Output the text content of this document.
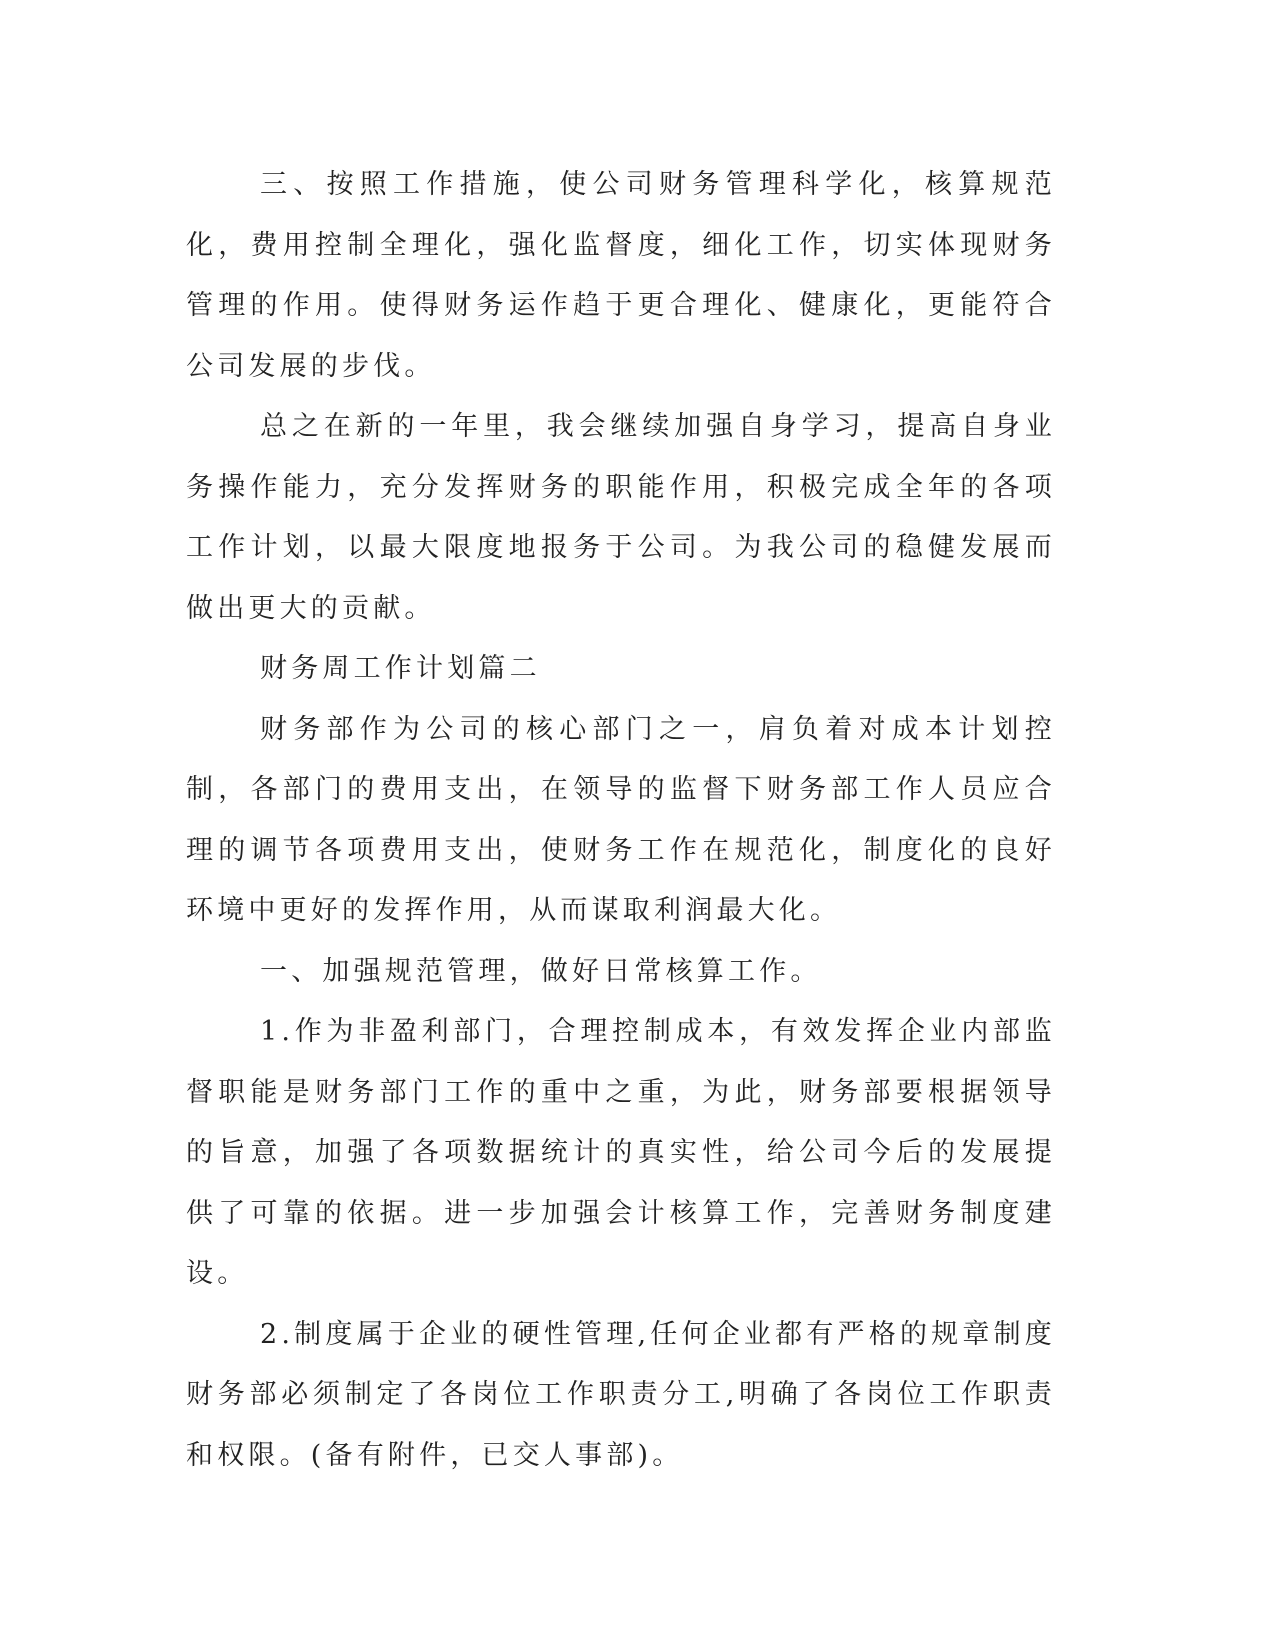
三、按照工作措施，使公司财务管理科学化，核算规范化，费用控制全理化，强化监督度，细化工作，切实体现财务管理的作用。使得财务运作趋于更合理化、健康化，更能符合公司发展的步伐。

总之在新的一年里，我会继续加强自身学习，提高自身业务操作能力，充分发挥财务的职能作用，积极完成全年的各项工作计划，以最大限度地报务于公司。为我公司的稳健发展而做出更大的贡献。

财务周工作计划篇二

财务部作为公司的核心部门之一，肩负着对成本计划控制，各部门的费用支出，在领导的监督下财务部工作人员应合理的调节各项费用支出，使财务工作在规范化，制度化的良好环境中更好的发挥作用，从而谋取利润最大化。

一、加强规范管理，做好日常核算工作。

1.作为非盈利部门，合理控制成本，有效发挥企业内部监督职能是财务部门工作的重中之重，为此，财务部要根据领导的旨意，加强了各项数据统计的真实性，给公司今后的发展提供了可靠的依据。进一步加强会计核算工作，完善财务制度建设。

2.制度属于企业的硬性管理,任何企业都有严格的规章制度财务部必须制定了各岗位工作职责分工,明确了各岗位工作职责和权限。(备有附件，已交人事部)。
